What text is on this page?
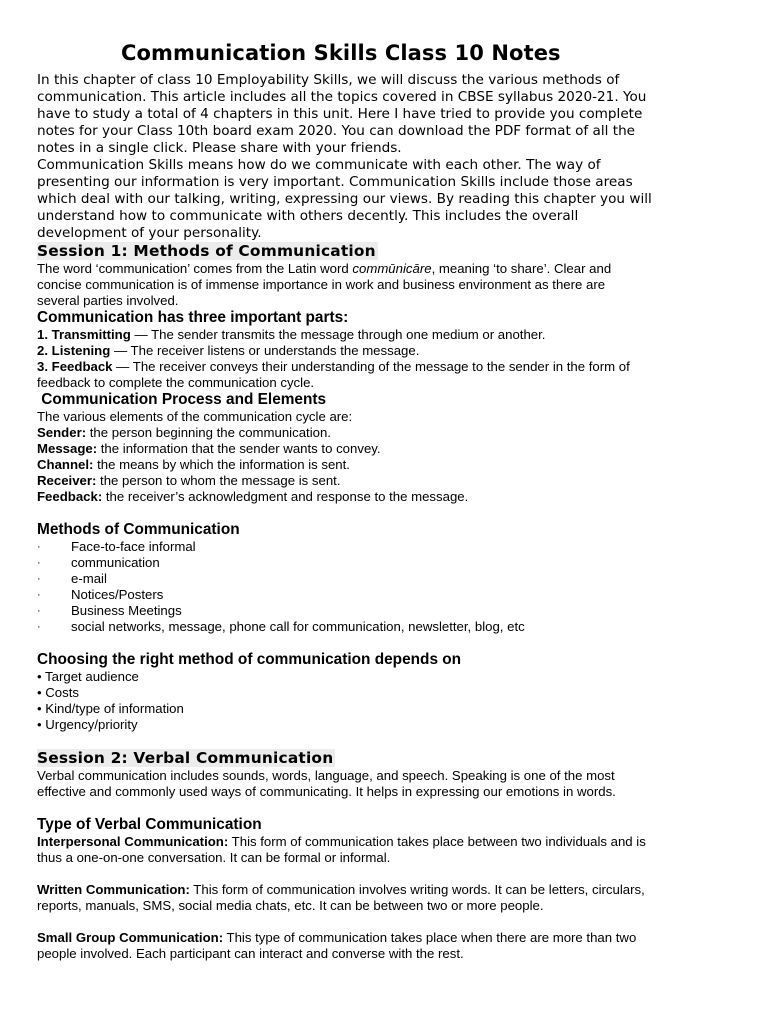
Communication Skills Class 10 Notes

In this chapter of class 10 Employability Skills, we will discuss the various methods of

communication. This article includes all the topics covered in CBSE syllabus 2020-21. You

have to study a total of 4 chapters in this unit. Here I have tried to provide you complete

notes for your Class 10th board exam 2020. You can download the PDF format of all the

notes in a single click. Please share with your friends.

Communication Skills means how do we communicate with each other. The way of

presenting our information is very important. Communication Skills include those areas

which deal with our talking, writing, expressing our views. By reading this chapter you will

understand how to communicate with others decently. This includes the overall

development of your personality.

Session 1: Methods of Communication

The word ‘communication’ comes from the Latin word commūnicāre, meaning ‘to share’. Clear and

concise communication is of immense importance in work and business environment as there are

several parties involved.

Communication has three important parts:

1. Transmitting — The sender transmits the message through one medium or another.

2. Listening — The receiver listens or understands the message.

3. Feedback — The receiver conveys their understanding of the message to the sender in the form of

feedback to complete the communication cycle.

Communication Process and Elements

The various elements of the communication cycle are:

Sender: the person beginning the communication.

Message: the information that the sender wants to convey.

Channel: the means by which the information is sent.

Receiver: the person to whom the message is sent.

Feedback: the receiver’s acknowledgment and response to the message.

Methods of Communication

·	Face-to-face informal
·	communication
·	e-mail
·	Notices/Posters
·	Business Meetings
·	social networks, message, phone call for communication, newsletter, blog, etc

Choosing the right method of communication depends on

• Target audience

• Costs

• Kind/type of information

• Urgency/priority

Session 2: Verbal Communication

Verbal communication includes sounds, words, language, and speech. Speaking is one of the most

effective and commonly used ways of communicating. It helps in expressing our emotions in words.

Type of Verbal Communication

Interpersonal Communication: This form of communication takes place between two individuals and is

thus a one-on-one conversation. It can be formal or informal.

Written Communication: This form of communication involves writing words. It can be letters, circulars,

reports, manuals, SMS, social media chats, etc. It can be between two or more people.

Small Group Communication: This type of communication takes place when there are more than two

people involved. Each participant can interact and converse with the rest.
